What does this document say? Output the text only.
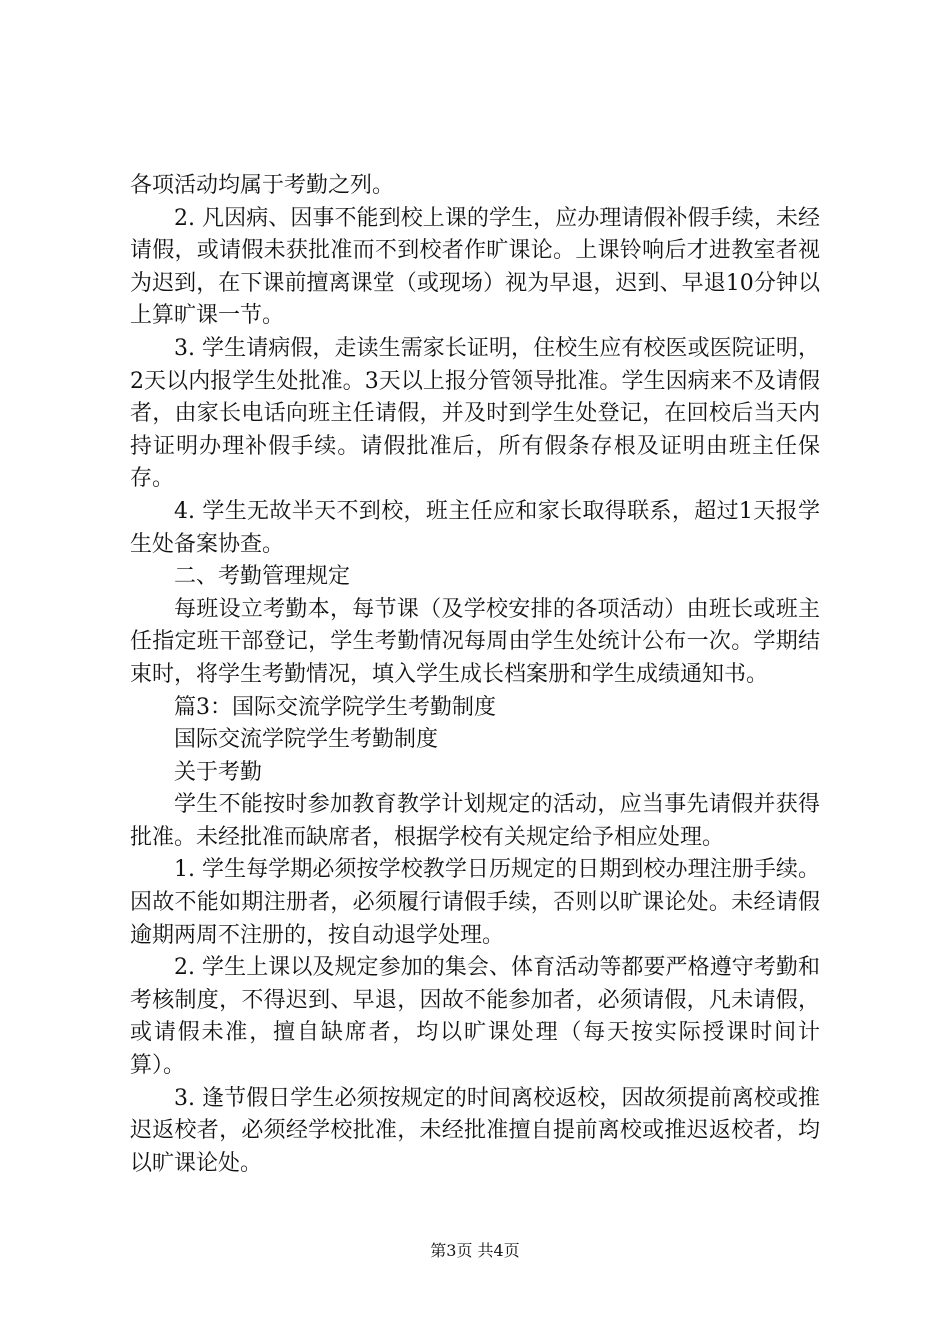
各项活动均属于考勤之列。

2. 凡因病、因事不能到校上课的学生，应办理请假补假手续，未经请假，或请假未获批准而不到校者作旷课论。上课铃响后才进教室者视为迟到，在下课前擅离课堂（或现场）视为早退，迟到、早退10分钟以上算旷课一节。

3. 学生请病假，走读生需家长证明，住校生应有校医或医院证明，2天以内报学生处批准。3天以上报分管领导批准。学生因病来不及请假者，由家长电话向班主任请假，并及时到学生处登记，在回校后当天内持证明办理补假手续。请假批准后，所有假条存根及证明由班主任保存。

4. 学生无故半天不到校，班主任应和家长取得联系，超过1天报学生处备案协查。

二、考勤管理规定

每班设立考勤本，每节课（及学校安排的各项活动）由班长或班主任指定班干部登记，学生考勤情况每周由学生处统计公布一次。学期结束时，将学生考勤情况，填入学生成长档案册和学生成绩通知书。

篇3：国际交流学院学生考勤制度

国际交流学院学生考勤制度

关于考勤

学生不能按时参加教育教学计划规定的活动，应当事先请假并获得批准。未经批准而缺席者，根据学校有关规定给予相应处理。

1. 学生每学期必须按学校教学日历规定的日期到校办理注册手续。因故不能如期注册者，必须履行请假手续，否则以旷课论处。未经请假逾期两周不注册的，按自动退学处理。

2. 学生上课以及规定参加的集会、体育活动等都要严格遵守考勤和考核制度，不得迟到、早退，因故不能参加者，必须请假，凡未请假，或请假未准，擅自缺席者，均以旷课处理（每天按实际授课时间计算）。

3. 逢节假日学生必须按规定的时间离校返校，因故须提前离校或推迟返校者，必须经学校批准，未经批准擅自提前离校或推迟返校者，均以旷课论处。

第3页 共4页
